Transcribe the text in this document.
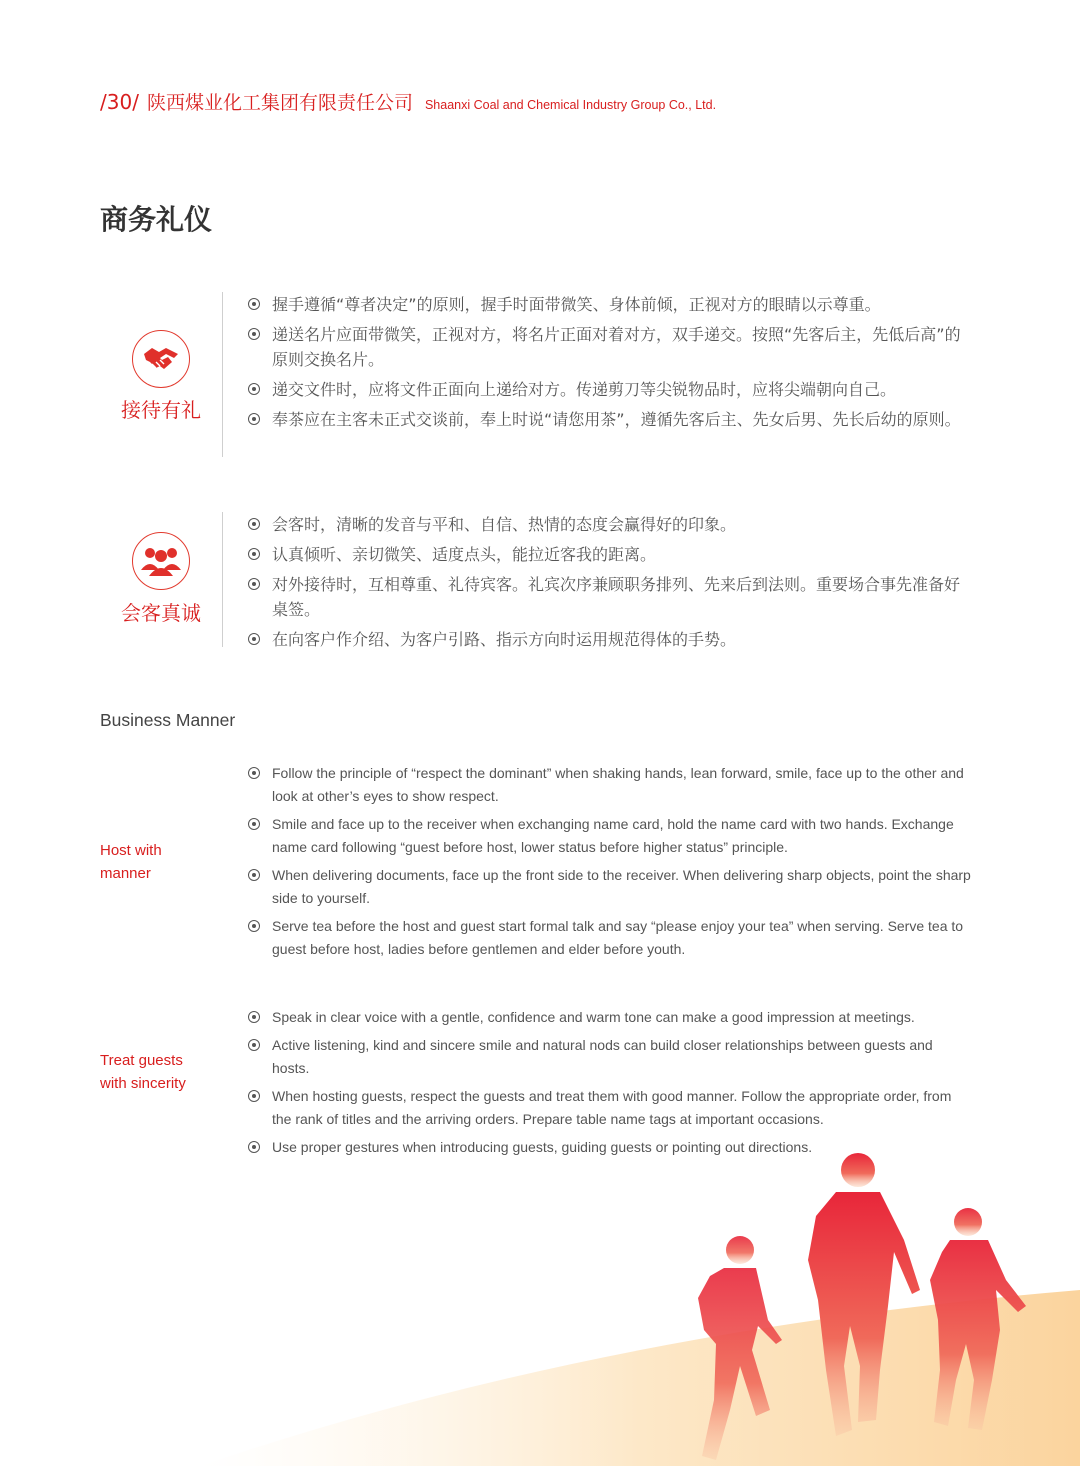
/30/ 陕西煤业化工集团有限责任公司 Shaanxi Coal and Chemical Industry Group Co., Ltd.
商务礼仪
接待有礼
握手遵循“尊者决定”的原则，握手时面带微笑、身体前倾，正视对方的眼睛以示尊重。
递送名片应面带微笑，正视对方，将名片正面对着对方，双手递交。按照“先客后主，先低后高”的原则交换名片。
递交文件时，应将文件正面向上递给对方。传递剪刀等尖锐物品时，应将尖端朝向自己。
奉茶应在主客未正式交谈前，奉上时说“请您用茶”，遵循先客后主、先女后男、先长后幼的原则。
会客真诚
会客时，清晰的发音与平和、自信、热情的态度会赢得好的印象。
认真倾听、亲切微笑、适度点头，能拉近客我的距离。
对外接待时，互相尊重、礼待宾客。礼宾次序兼顾职务排列、先来后到法则。重要场合事先准备好桌签。
在向客户作介绍、为客户引路、指示方向时运用规范得体的手势。
Business Manner
Host with
manner
Follow the principle of “respect the dominant” when shaking hands, lean forward, smile, face up to the other and look at other’s eyes to show respect.
Smile and face up to the receiver when exchanging name card, hold the name card with two hands. Exchange name card following “guest before host, lower status before higher status” principle.
When delivering documents, face up the front side to the receiver. When delivering sharp objects, point the sharp side to yourself.
Serve tea before the host and guest start formal talk and say “please enjoy your tea” when serving. Serve tea to guest before host, ladies before gentlemen and elder before youth.
Treat guests
with sincerity
Speak in clear voice with a gentle, confidence and warm tone can make a good impression at meetings.
Active listening, kind and sincere smile and natural nods can build closer relationships between guests and hosts.
When hosting guests, respect the guests and treat them with good manner. Follow the appropriate order, from the rank of titles and the arriving orders. Prepare table name tags at important occasions.
Use proper gestures when introducing guests, guiding guests or pointing out directions.
